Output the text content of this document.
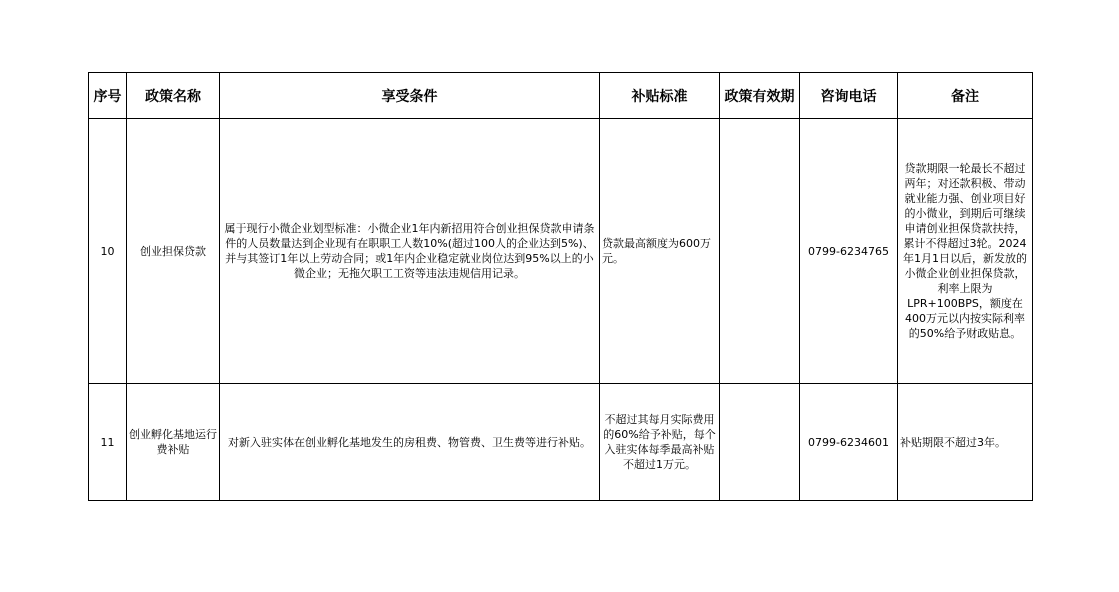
序号	政策名称	享受条件	补贴标准	政策有效期	咨询电话	备注
10	创业担保贷款	属于现行小微企业划型标准：小微企业1年内新招用符合创业担保贷款申请条件的人员数量达到企业现有在职职工人数10%(超过100人的企业达到5%)、并与其签订1年以上劳动合同；或1年内企业稳定就业岗位达到95%以上的小微企业；无拖欠职工工资等违法违规信用记录。	贷款最高额度为600万元。		0799-6234765	贷款期限一轮最长不超过两年；对还款积极、带动就业能力强、创业项目好的小微业，到期后可继续申请创业担保贷款扶持，累计不得超过3轮。2024年1月1日以后，新发放的小微企业创业担保贷款，利率上限为LPR+100BPS，额度在400万元以内按实际利率的50%给予财政贴息。
11	创业孵化基地运行费补贴	对新入驻实体在创业孵化基地发生的房租费、物管费、卫生费等进行补贴。	不超过其每月实际费用的60%给予补贴，每个入驻实体每季最高补贴不超过1万元。		0799-6234601	补贴期限不超过3年。
